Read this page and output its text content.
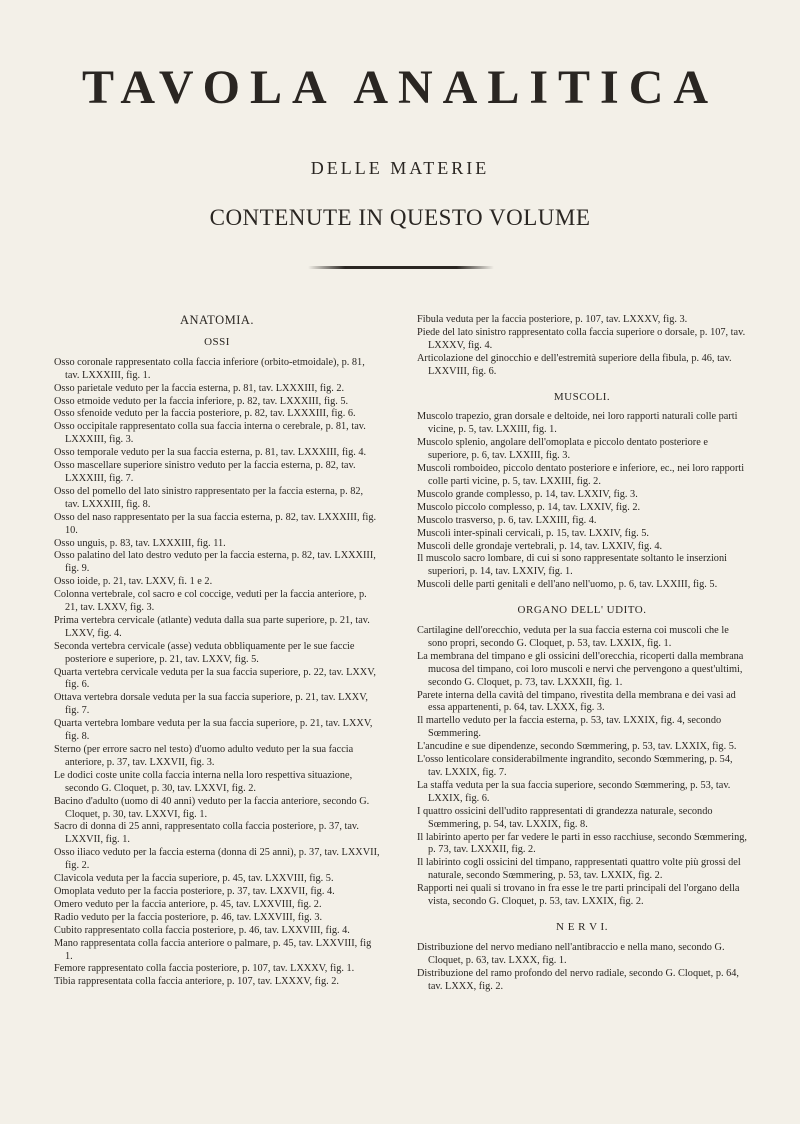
TAVOLA ANALITICA
DELLE MATERIE
CONTENUTE IN QUESTO VOLUME
ANATOMIA.
OSSI
Osso coronale rappresentato colla faccia inferiore (orbito-etmoidale), p. 81, tav. LXXXIII, fig. 1.
Osso parietale veduto per la faccia esterna, p. 81, tav. LXXXIII, fig. 2.
Osso etmoide veduto per la faccia inferiore, p. 82, tav. LXXXIII, fig. 5.
Osso sfenoide veduto per la faccia posteriore, p. 82, tav. LXXXIII, fig. 6.
Osso occipitale rappresentato colla sua faccia interna o cerebrale, p. 81, tav. LXXXIII, fig. 3.
Osso temporale veduto per la sua faccia esterna, p. 81, tav. LXXXIII, fig. 4.
Osso mascellare superiore sinistro veduto per la faccia esterna, p. 82, tav. LXXXIII, fig. 7.
Osso del pomello del lato sinistro rappresentato per la faccia esterna, p. 82, tav. LXXXIII, fig. 8.
Osso del naso rappresentato per la sua faccia esterna, p. 82, tav. LXXXIII, fig. 10.
Osso unguis, p. 83, tav. LXXXIII, fig. 11.
Osso palatino del lato destro veduto per la faccia esterna, p. 82, tav. LXXXIII, fig. 9.
Osso ioide, p. 21, tav. LXXV, fi. 1 e 2.
Colonna vertebrale, col sacro e col coccige, veduti per la faccia anteriore, p. 21, tav. LXXV, fig. 3.
Prima vertebra cervicale (atlante) veduta dalla sua parte superiore, p. 21, tav. LXXV, fig. 4.
Seconda vertebra cervicale (asse) veduta obbliquamente per le sue faccie posteriore e superiore, p. 21, tav. LXXV, fig. 5.
Quarta vertebra cervicale veduta per la sua faccia superiore, p. 22, tav. LXXV, fig. 6.
Ottava vertebra dorsale veduta per la sua faccia superiore, p. 21, tav. LXXV, fig. 7.
Quarta vertebra lombare veduta per la sua faccia superiore, p. 21, tav. LXXV, fig. 8.
Sterno (per errore sacro nel testo) d'uomo adulto veduto per la sua faccia anteriore, p. 37, tav. LXXVII, fig. 3.
Le dodici coste unite colla faccia interna nella loro respettiva situazione, secondo G. Cloquet, p. 30, tav. LXXVI, fig. 2.
Bacino d'adulto (uomo di 40 anni) veduto per la faccia anteriore, secondo G. Cloquet, p. 30, tav. LXXVI, fig. 1.
Sacro di donna di 25 anni, rappresentato colla faccia posteriore, p. 37, tav. LXXVII, fig. 1.
Osso iliaco veduto per la faccia esterna (donna di 25 anni), p. 37, tav. LXXVII, fig. 2.
Clavicola veduta per la faccia superiore, p. 45, tav. LXXVIII, fig. 5.
Omoplata veduto per la faccia posteriore, p. 37, tav. LXXVII, fig. 4.
Omero veduto per la faccia anteriore, p. 45, tav. LXXVIII, fig. 2.
Radio veduto per la faccia posteriore, p. 46, tav. LXXVIII, fig. 3.
Cubito rappresentato colla faccia posteriore, p. 46, tav. LXXVIII, fig. 4.
Mano rappresentata colla faccia anteriore o palmare, p. 45, tav. LXXVIII, fig 1.
Femore rappresentato colla faccia posteriore, p. 107, tav. LXXXV, fig. 1.
Tibia rappresentata colla faccia anteriore, p. 107, tav. LXXXV, fig. 2.
Fibula veduta per la faccia posteriore, p. 107, tav. LXXXV, fig. 3.
Piede del lato sinistro rappresentato colla faccia superiore o dorsale, p. 107, tav. LXXXV, fig. 4.
Articolazione del ginocchio e dell'estremità superiore della fibula, p. 46, tav. LXXVIII, fig. 6.
MUSCOLI.
Muscolo trapezio, gran dorsale e deltoide, nei loro rapporti naturali colle parti vicine, p. 5, tav. LXXIII, fig. 1.
Muscolo splenio, angolare dell'omoplata e piccolo dentato posteriore e superiore, p. 6, tav. LXXIII, fig. 3.
Muscoli romboideo, piccolo dentato posteriore e inferiore, ec., nei loro rapporti colle parti vicine, p. 5, tav. LXXIII, fig. 2.
Muscolo grande complesso, p. 14, tav. LXXIV, fig. 3.
Muscolo piccolo complesso, p. 14, tav. LXXIV, fig. 2.
Muscolo trasverso, p. 6, tav. LXXIII, fig. 4.
Muscoli inter-spinali cervicali, p. 15, tav. LXXIV, fig. 5.
Muscoli delle grondaje vertebrali, p. 14, tav. LXXIV, fig. 4.
Il muscolo sacro lombare, di cui si sono rappresentate soltanto le inserzioni superiori, p. 14, tav. LXXIV, fig. 1.
Muscoli delle parti genitali e dell'ano nell'uomo, p. 6, tav. LXXIII, fig. 5.
ORGANO DELL' UDITO.
Cartilagine dell'orecchio, veduta per la sua faccia esterna coi muscoli che le sono propri, secondo G. Cloquet, p. 53, tav. LXXIX, fig. 1.
La membrana del timpano e gli ossicini dell'orecchia, ricoperti dalla membrana mucosa del timpano, coi loro muscoli e nervi che pervengono a quest'ultimi, secondo G. Cloquet, p. 73, tav. LXXXII, fig. 1.
Parete interna della cavità del timpano, rivestita della membrana e dei vasi ad essa appartenenti, p. 64, tav. LXXX, fig. 3.
Il martello veduto per la faccia esterna, p. 53, tav. LXXIX, fig. 4, secondo Sœmmering.
L'ancudine e sue dipendenze, secondo Sœmmering, p. 53, tav. LXXIX, fig. 5.
L'osso lenticolare considerabilmente ingrandito, secondo Sœmmering, p. 54, tav. LXXIX, fig. 7.
La staffa veduta per la sua faccia superiore, secondo Sœmmering, p. 53, tav. LXXIX, fig. 6.
I quattro ossicini dell'udito rappresentati di grandezza naturale, secondo Sœmmering, p. 54, tav. LXXIX, fig. 8.
Il labirinto aperto per far vedere le parti in esso racchiuse, secondo Sœmmering, p. 73, tav. LXXXII, fig. 2.
Il labirinto cogli ossicini del timpano, rappresentati quattro volte più grossi del naturale, secondo Sœmmering, p. 53, tav. LXXIX, fig. 2.
Rapporti nei quali si trovano in fra esse le tre parti principali del l'organo della vista, secondo G. Cloquet, p. 53, tav. LXXIX, fig. 2.
N E R V I.
Distribuzione del nervo mediano nell'antibraccio e nella mano, secondo G. Cloquet, p. 63, tav. LXXX, fig. 1.
Distribuzione del ramo profondo del nervo radiale, secondo G. Cloquet, p. 64, tav. LXXX, fig. 2.
